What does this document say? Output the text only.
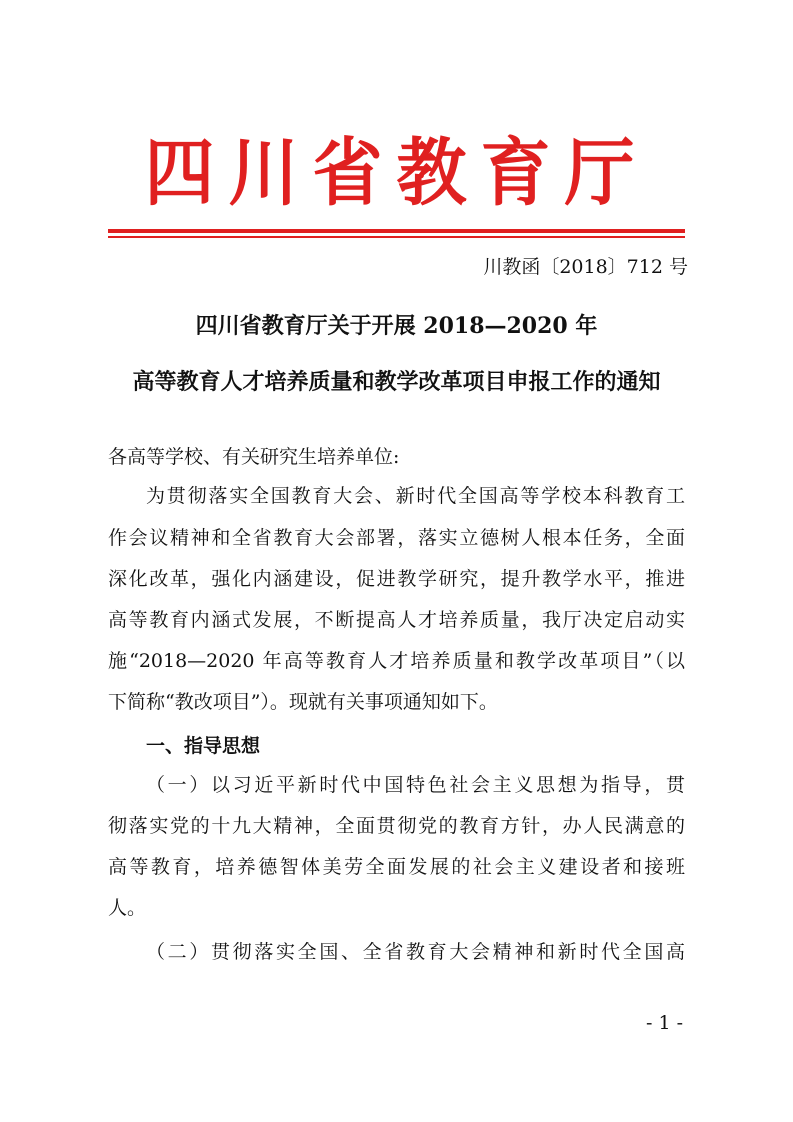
四川省教育厅
川教函〔2018〕712 号
四川省教育厅关于开展 2018—2020 年
高等教育人才培养质量和教学改革项目申报工作的通知
各高等学校、有关研究生培养单位:
为贯彻落实全国教育大会、新时代全国高等学校本科教育工
作会议精神和全省教育大会部署，落实立德树人根本任务，全面
深化改革，强化内涵建设，促进教学研究，提升教学水平，推进
高等教育内涵式发展，不断提高人才培养质量，我厅决定启动实
施“2018—2020 年高等教育人才培养质量和教学改革项目”（以
下简称“教改项目”）。现就有关事项通知如下。
一、指导思想
（一）以习近平新时代中国特色社会主义思想为指导，贯
彻落实党的十九大精神，全面贯彻党的教育方针，办人民满意的
高等教育，培养德智体美劳全面发展的社会主义建设者和接班
人。
（二）贯彻落实全国、全省教育大会精神和新时代全国高
- 1 -
